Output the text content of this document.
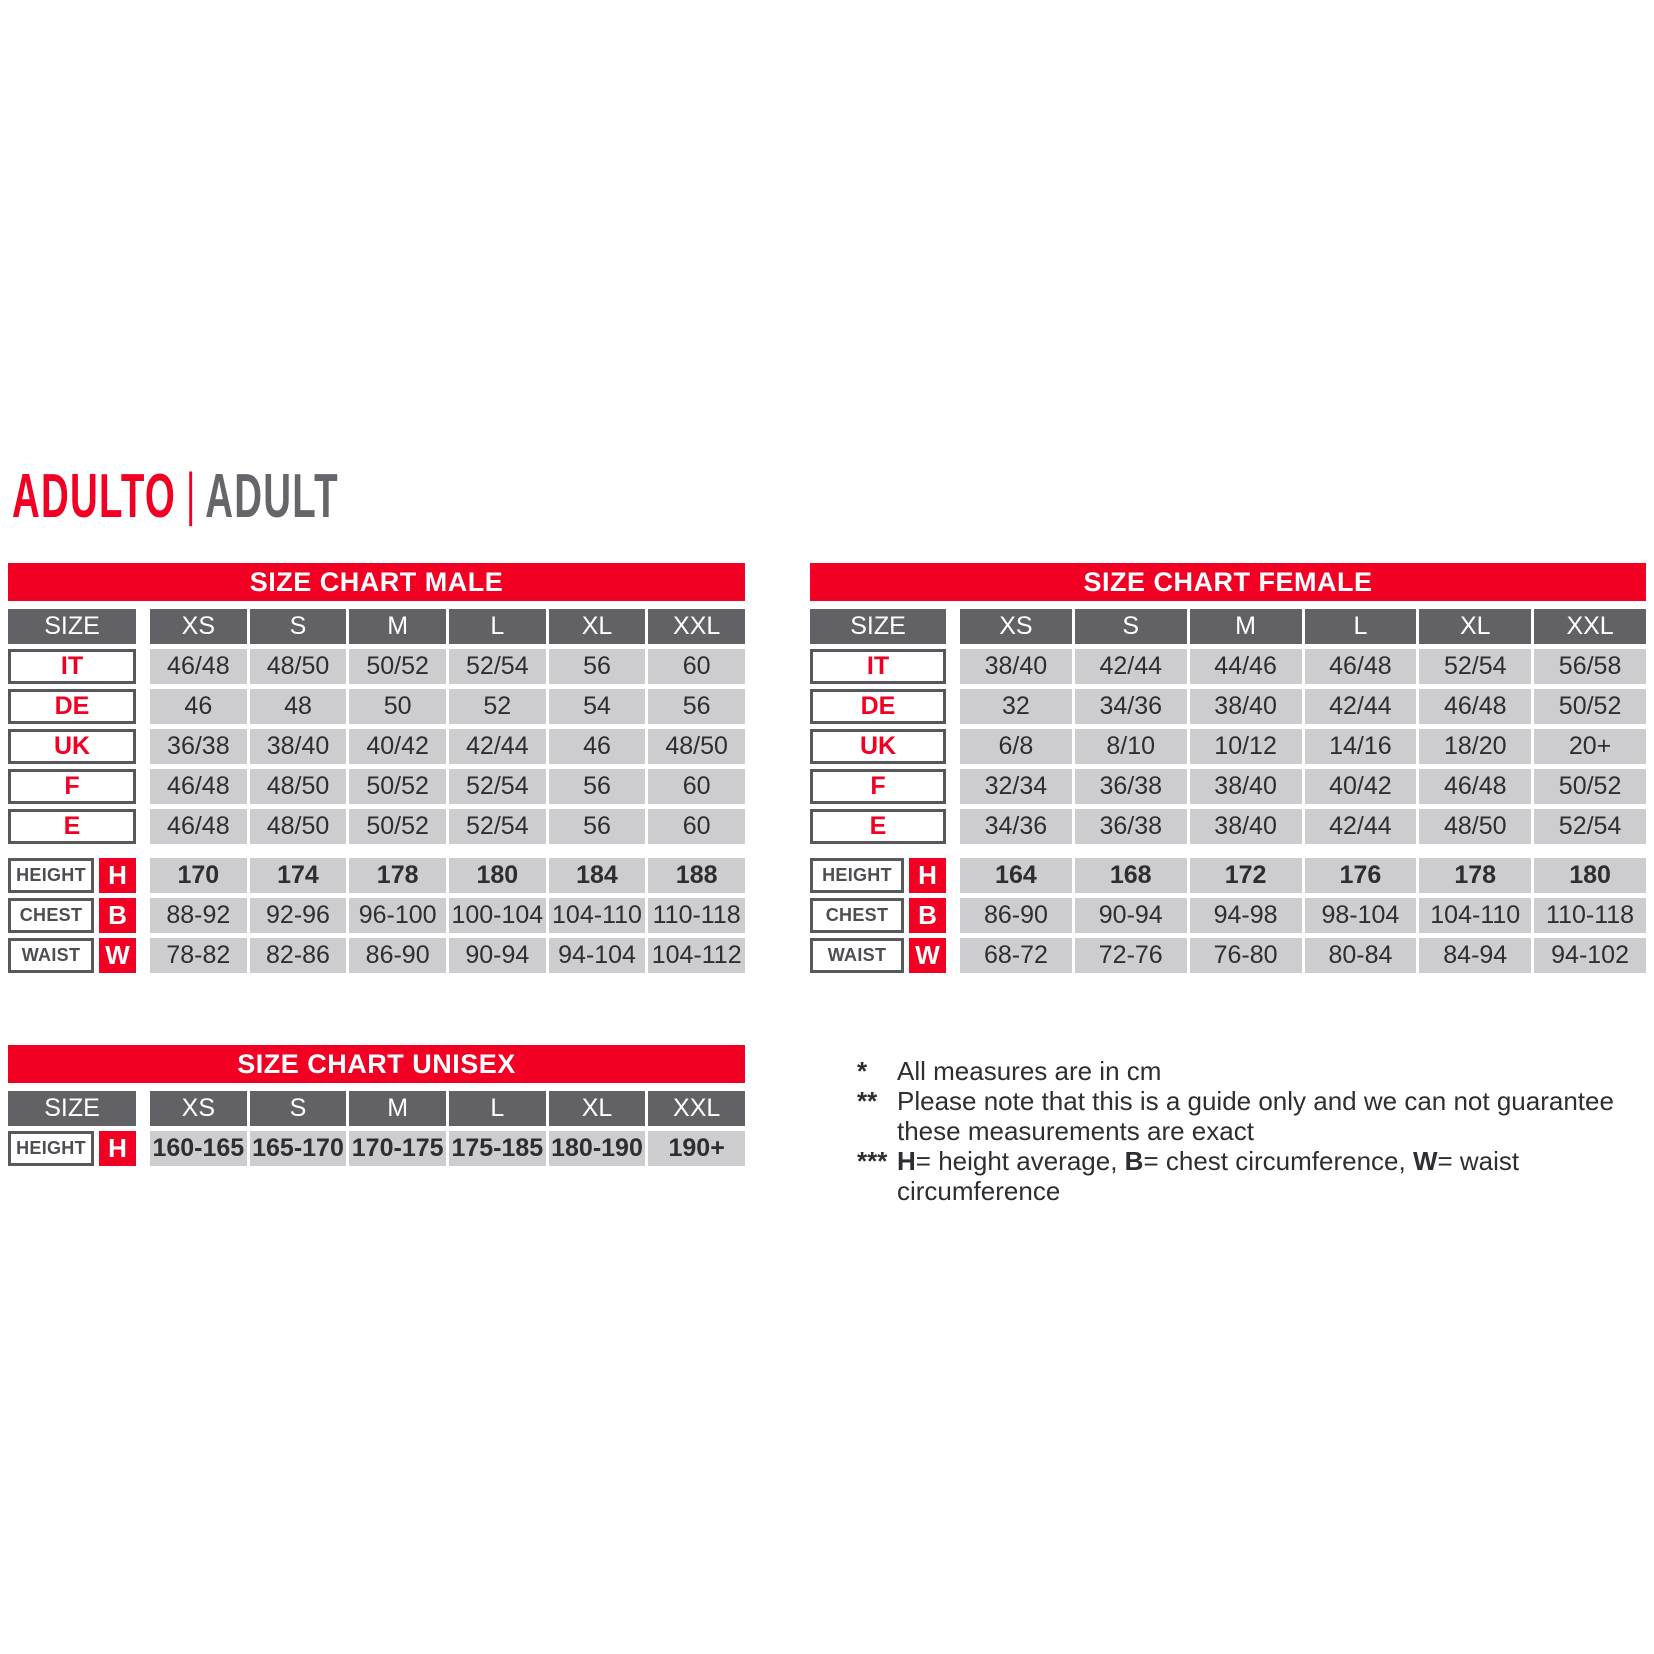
ADULTO | ADULT
SIZE CHART MALE
SIZE	XS	S	M	L	XL	XXL
IT	46/48	48/50	50/52	52/54	56	60
DE	46	48	50	52	54	56
UK	36/38	38/40	40/42	42/44	46	48/50
F	46/48	48/50	50/52	52/54	56	60
E	46/48	48/50	50/52	52/54	56	60
HEIGHT H	170	174	178	180	184	188
CHEST B	88-92	92-96	96-100 100-104 104-110 110-118
WAIST W	78-82	82-86	86-90	90-94	94-104 104-112
SIZE CHART FEMALE
SIZE	XS	S	M	L	XL	XXL
IT	38/40	42/44	44/46	46/48	52/54	56/58
DE	32	34/36	38/40	42/44	46/48	50/52
UK	6/8	8/10	10/12	14/16	18/20	20+
F	32/34	36/38	38/40	40/42	46/48	50/52
E	34/36	36/38	38/40	42/44	48/50	52/54
HEIGHT	H	164	168	172	176	178	180
CHEST	B	86-90	90-94	94-98	98-104	104-110	110-118
WAIST	W	68-72	72-76	76-80	80-84	84-94	94-102
SIZE CHART UNISEX
SIZE	XS	S	M	L	XL	XXL
HEIGHT H	160-165 165-170 170-175 175-185 180-190	190+
*	All measures are in cm
** Please note that this is a guide only and we can not guarantee these measurements are exact
*** H= height average, B= chest circumference, W= waist circumference
